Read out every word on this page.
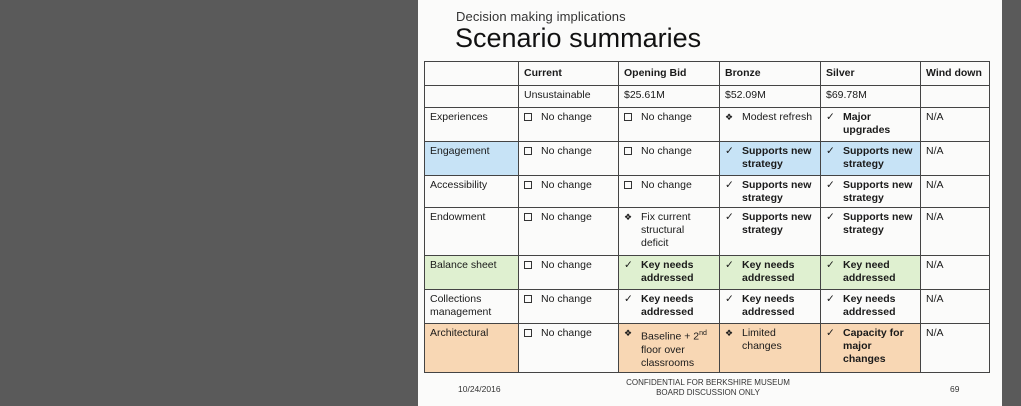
Decision making implications
Scenario summaries
	Current	Opening Bid	Bronze	Silver	Wind down
	Unsustainable	$25.61M	$52.09M	$69.78M	
Experiences	No change	No change	❖ Modest refresh	✓ Major upgrades	N/A

Engagement	No change	No change	✓ Supports new strategy	✓ Supports new strategy	N/A

Accessibility	No change	No change	✓ Supports new strategy	✓ Supports new strategy	N/A

Endowment	No change	❖ Fix current structural deficit	✓ Supports new strategy	✓ Supports new strategy	N/A

Balance sheet	No change	✓ Key needs addressed	✓ Key needs addressed	✓ Key need addressed	N/A

Collections management	No change	✓ Key needs addressed	✓ Key needs addressed	✓ Key needs addressed	N/A

Architectural	No change	❖ Baseline + 2nd floor over classrooms	❖ Limited changes	✓ Capacity for major changes	N/A
10/24/2016
CONFIDENTIAL FOR BERKSHIRE MUSEUM
BOARD DISCUSSION ONLY	69
